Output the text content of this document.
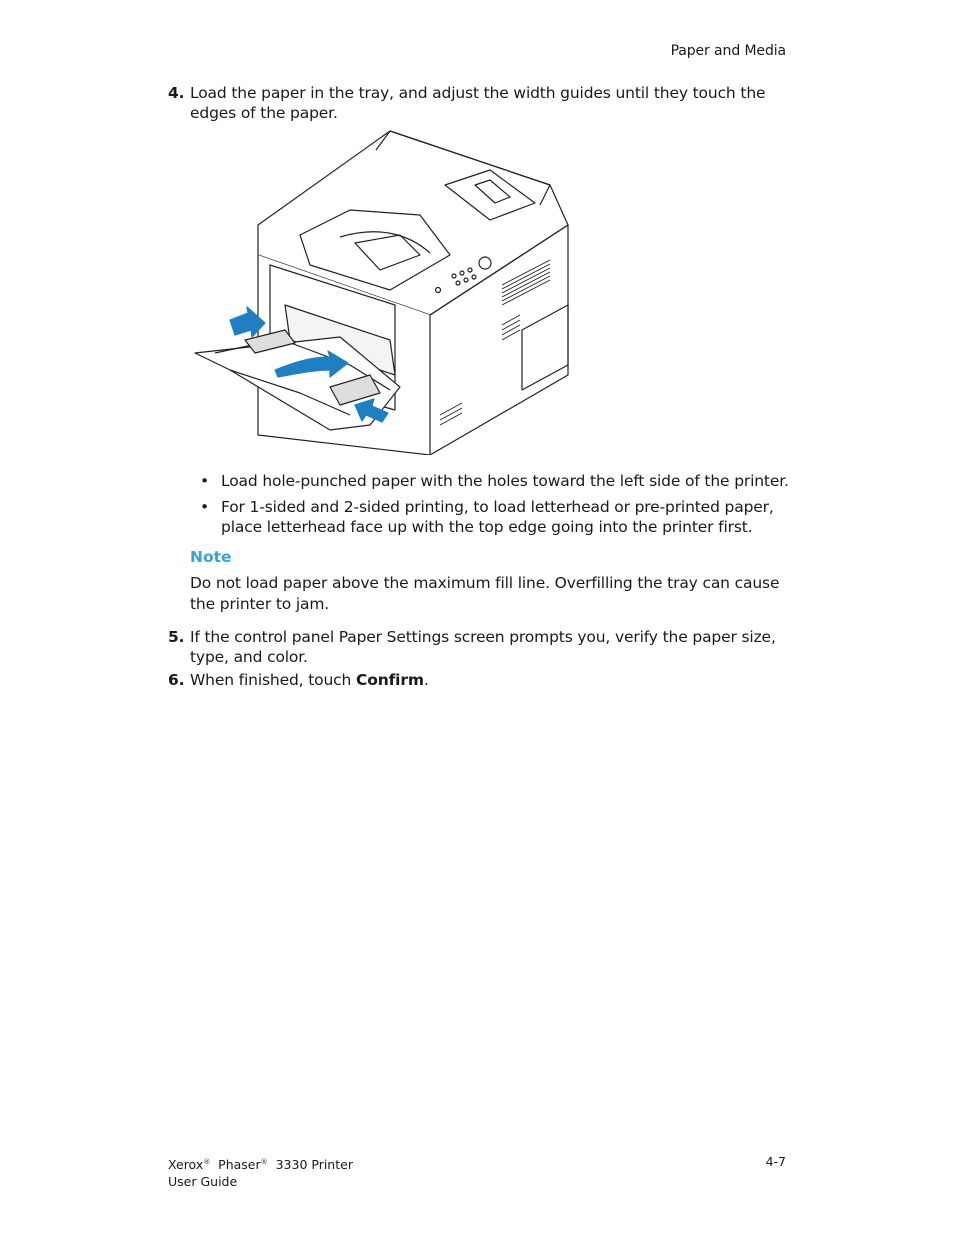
Paper and Media
4. Load the paper in the tray, and adjust the width guides until they touch the edges of the paper.
• Load hole-punched paper with the holes toward the left side of the printer.
• For 1-sided and 2-sided printing, to load letterhead or pre-printed paper, place letterhead face up with the top edge going into the printer first.
Note
Do not load paper above the maximum fill line. Overfilling the tray can cause the printer to jam.
5. If the control panel Paper Settings screen prompts you, verify the paper size, type, and color.
6. When finished, touch Confirm.
Xerox® Phaser® 3330 Printer
User Guide
4-7
